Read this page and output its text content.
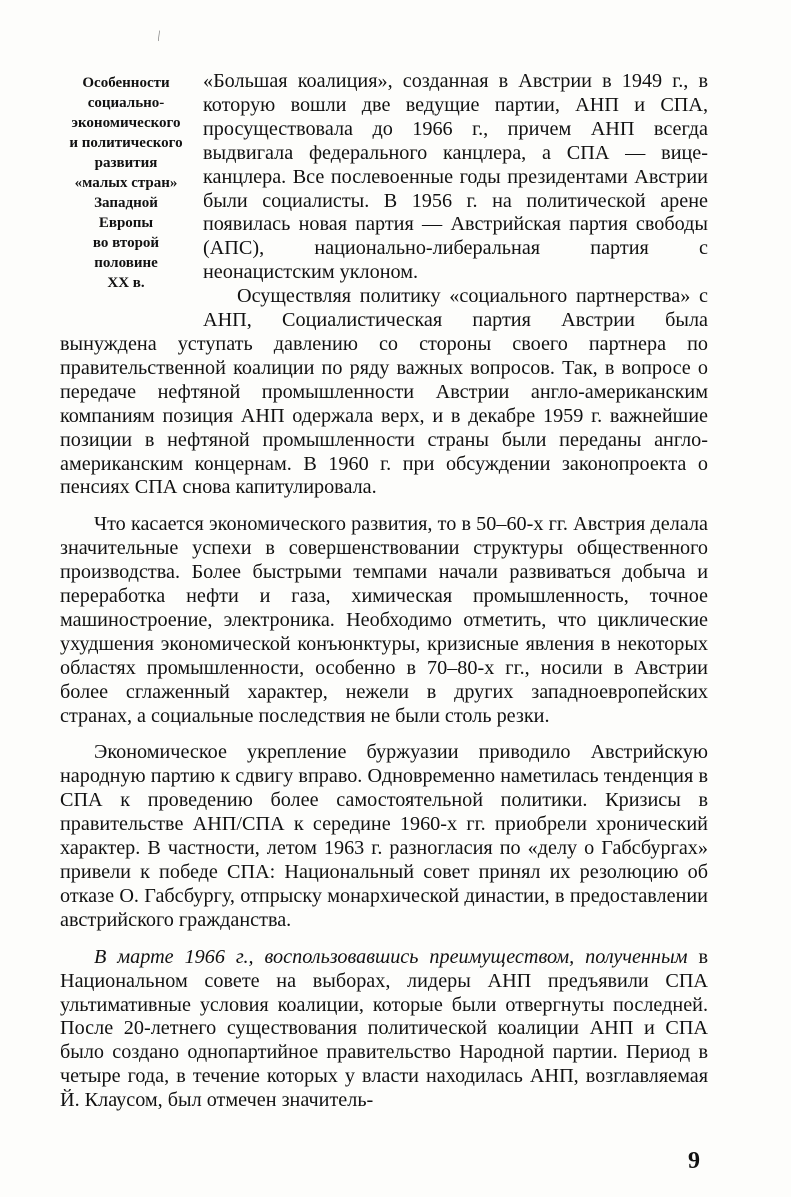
⁄
Особенности
социально-
экономического
и политического
развития
«малых стран»
Западной
Европы
во второй
половине
XX в.

«Большая коалиция», созданная в Австрии в 1949 г., в которую вошли две ведущие партии, АНП и СПА, просуществовала до 1966 г., причем АНП всегда выдвигала федерального канцлера, а СПА — вице-канцлера. Все послевоенные годы президентами Австрии были социалисты. В 1956 г. на политической арене появилась новая партия — Австрийская партия свободы (АПС), национально-либеральная партия с неонацистским уклоном.

Осуществляя политику «социального партнерства» с АНП, Социалистическая партия Австрии была вынуждена уступать давлению со стороны своего партнера по правительственной коалиции по ряду важных вопросов. Так, в вопросе о передаче нефтяной промышленности Австрии англо-американским компаниям позиция АНП одержала верх, и в декабре 1959 г. важнейшие позиции в нефтяной промышленности страны были переданы англо-американским концернам. В 1960 г. при обсуждении законопроекта о пенсиях СПА снова капитулировала.

Что касается экономического развития, то в 50–60-х гг. Австрия делала значительные успехи в совершенствовании структуры общественного производства. Более быстрыми темпами начали развиваться добыча и переработка нефти и газа, химическая промышленность, точное машиностроение, электроника. Необходимо отметить, что циклические ухудшения экономической конъюнктуры, кризисные явления в некоторых областях промышленности, особенно в 70–80-х гг., носили в Австрии более сглаженный характер, нежели в других западноевропейских странах, а социальные последствия не были столь резки.

Экономическое укрепление буржуазии приводило Австрийскую народную партию к сдвигу вправо. Одновременно наметилась тенденция в СПА к проведению более самостоятельной политики. Кризисы в правительстве АНП/СПА к середине 1960-х гг. приобрели хронический характер. В частности, летом 1963 г. разногласия по «делу о Габсбургах» привели к победе СПА: Национальный совет принял их резолюцию об отказе О. Габсбургу, отпрыску монархической династии, в предоставлении австрийского гражданства.

В марте 1966 г., воспользовавшись преимуществом, полученным в Национальном совете на выборах, лидеры АНП предъявили СПА ультимативные условия коалиции, которые были отвергнуты последней. После 20-летнего существования политической коалиции АНП и СПА было создано однопартийное правительство Народной партии. Период в четыре года, в течение которых у власти находилась АНП, возглавляемая Й. Клаусом, был отмечен значитель-

9
